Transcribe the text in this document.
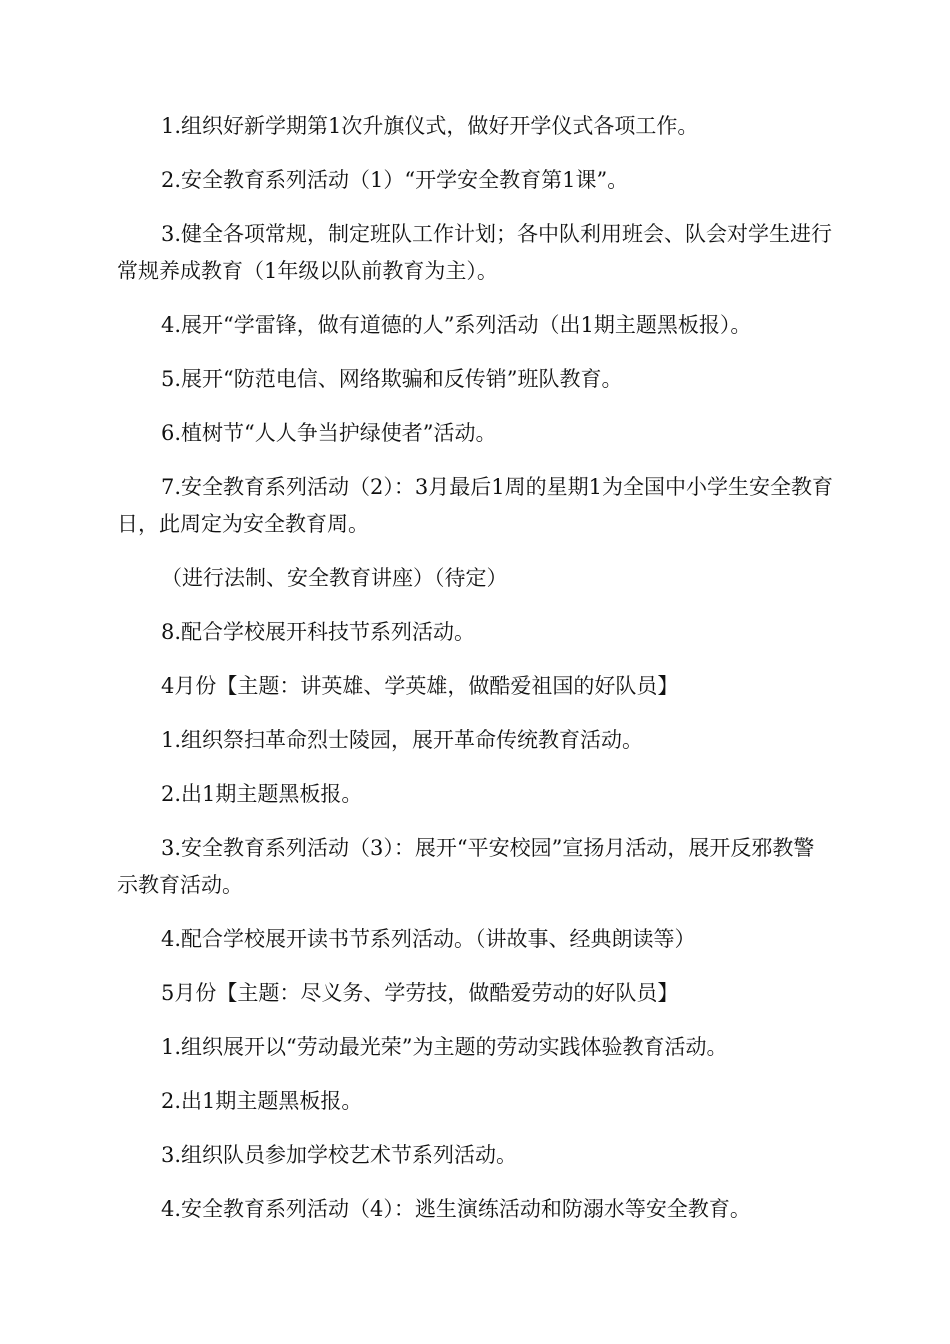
1.组织好新学期第1次升旗仪式，做好开学仪式各项工作。

2.安全教育系列活动（1）“开学安全教育第1课”。

3.健全各项常规，制定班队工作计划；各中队利用班会、队会对学生进行常规养成教育（1年级以队前教育为主）。

4.展开“学雷锋，做有道德的人”系列活动（出1期主题黑板报）。

5.展开“防范电信、网络欺骗和反传销”班队教育。

6.植树节“人人争当护绿使者”活动。

7.安全教育系列活动（2）：3月最后1周的星期1为全国中小学生安全教育日，此周定为安全教育周。

（进行法制、安全教育讲座）（待定）

8.配合学校展开科技节系列活动。

4月份【主题：讲英雄、学英雄，做酷爱祖国的好队员】

1.组织祭扫革命烈士陵园，展开革命传统教育活动。

2.出1期主题黑板报。

3.安全教育系列活动（3）：展开“平安校园”宣扬月活动，展开反邪教警示教育活动。

4.配合学校展开读书节系列活动。（讲故事、经典朗读等）

5月份【主题：尽义务、学劳技，做酷爱劳动的好队员】

1.组织展开以“劳动最光荣”为主题的劳动实践体验教育活动。

2.出1期主题黑板报。

3.组织队员参加学校艺术节系列活动。

4.安全教育系列活动（4）：逃生演练活动和防溺水等安全教育。
